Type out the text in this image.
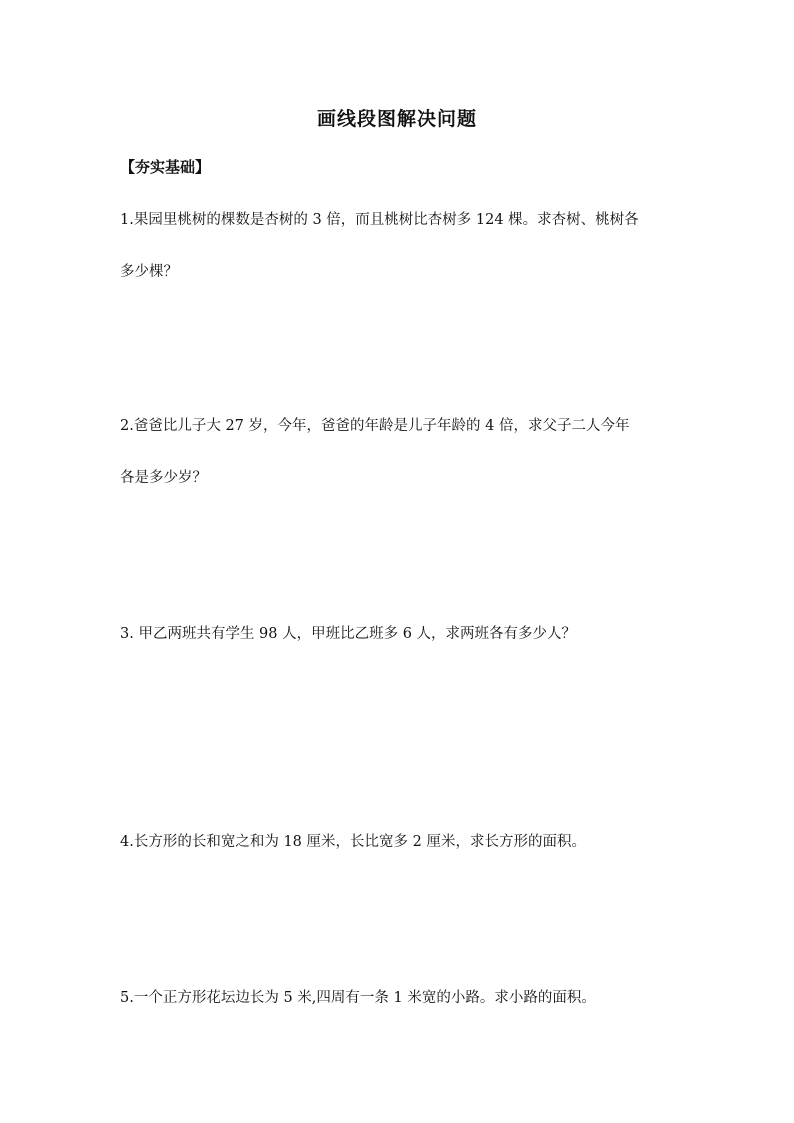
画线段图解决问题
【夯实基础】
1.果园里桃树的棵数是杏树的 3 倍，而且桃树比杏树多 124 棵。求杏树、桃树各
多少棵？
2.爸爸比儿子大 27 岁，今年，爸爸的年龄是儿子年龄的 4 倍，求父子二人今年
各是多少岁？
3. 甲乙两班共有学生 98 人，甲班比乙班多 6 人，求两班各有多少人？
4.长方形的长和宽之和为 18 厘米，长比宽多 2 厘米，求长方形的面积。
5.一个正方形花坛边长为 5 米,四周有一条 1 米宽的小路。求小路的面积。
